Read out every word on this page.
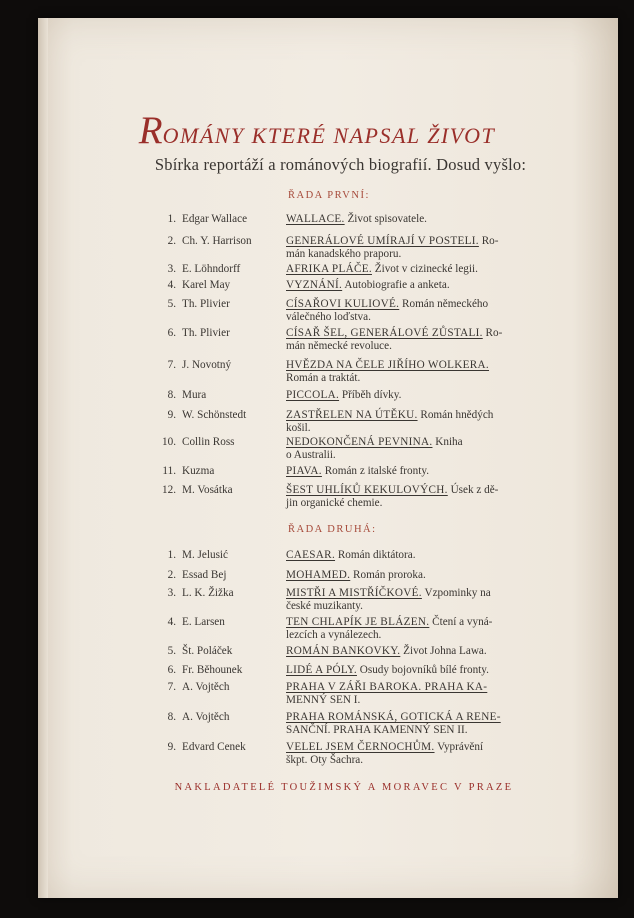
ROMÁNY KTERÉ NAPSAL ŽIVOT
Sbírka reportáží a románových biografií. Dosud vyšlo:
ŘADA PRVNÍ:
1. Edgar Wallace	WALLACE. Život spisovatele.
2. Ch. Y. Harrison	GENERÁLOVÉ UMÍRAJÍ V POSTELI. Ro-
mán kanadského praporu.
3. E. Löhndorff	AFRIKA PLÁČE. Život v cizinecké legii.
4. Karel May	VYZNÁNÍ. Autobiografie a anketa.
5. Th. Plivier	CÍSAŘOVI KULIOVÉ. Román německého
válečného loďstva.
6. Th. Plivier	CÍSAŘ ŠEL, GENERÁLOVÉ ZŮSTALI. Ro-
mán německé revoluce.
7. J. Novotný	HVĚZDA NA ČELE JIŘÍHO WOLKERA.
Román a traktát.
8. Mura	PICCOLA. Příběh dívky.
9. W. Schönstedt	ZASTŘELEN NA ÚTĚKU. Román hnědých
košil.
10. Collin Ross	NEDOKONČENÁ PEVNINA. Kniha
o Australii.
11. Kuzma	PIAVA. Román z italské fronty.
12. M. Vosátka	ŠEST UHLÍKŮ KEKULOVÝCH. Úsek z dě-
jin organické chemie.
ŘADA DRUHÁ:
1. M. Jelusić	CAESAR. Román diktátora.
2. Essad Bej	MOHAMED. Román proroka.
3. L. K. Žižka	MISTŘI A MISTŘÍČKOVÉ. Vzpominky na
české muzikanty.
4. E. Larsen	TEN CHLAPÍK JE BLÁZEN. Čtení a vyná-
lezcích a vynálezech.
5. Št. Poláček	ROMÁN BANKOVKY. Život Johna Lawa.
6. Fr. Běhounek	LIDÉ A PÓLY. Osudy bojovníků bílé fronty.
7. A. Vojtěch	PRAHA V ZÁŘI BAROKA. PRAHA KA-
MENNÝ SEN I.
8. A. Vojtěch	PRAHA ROMÁNSKÁ, GOTICKÁ A RENE-
SANČNÍ. PRAHA KAMENNÝ SEN II.
9. Edvard Cenek	VELEL JSEM ČERNOCHŮM. Vyprávění
škpt. Oty Šachra.
NAKLADATELÉ TOUŽIMSKÝ A MORAVEC V PRAZE
